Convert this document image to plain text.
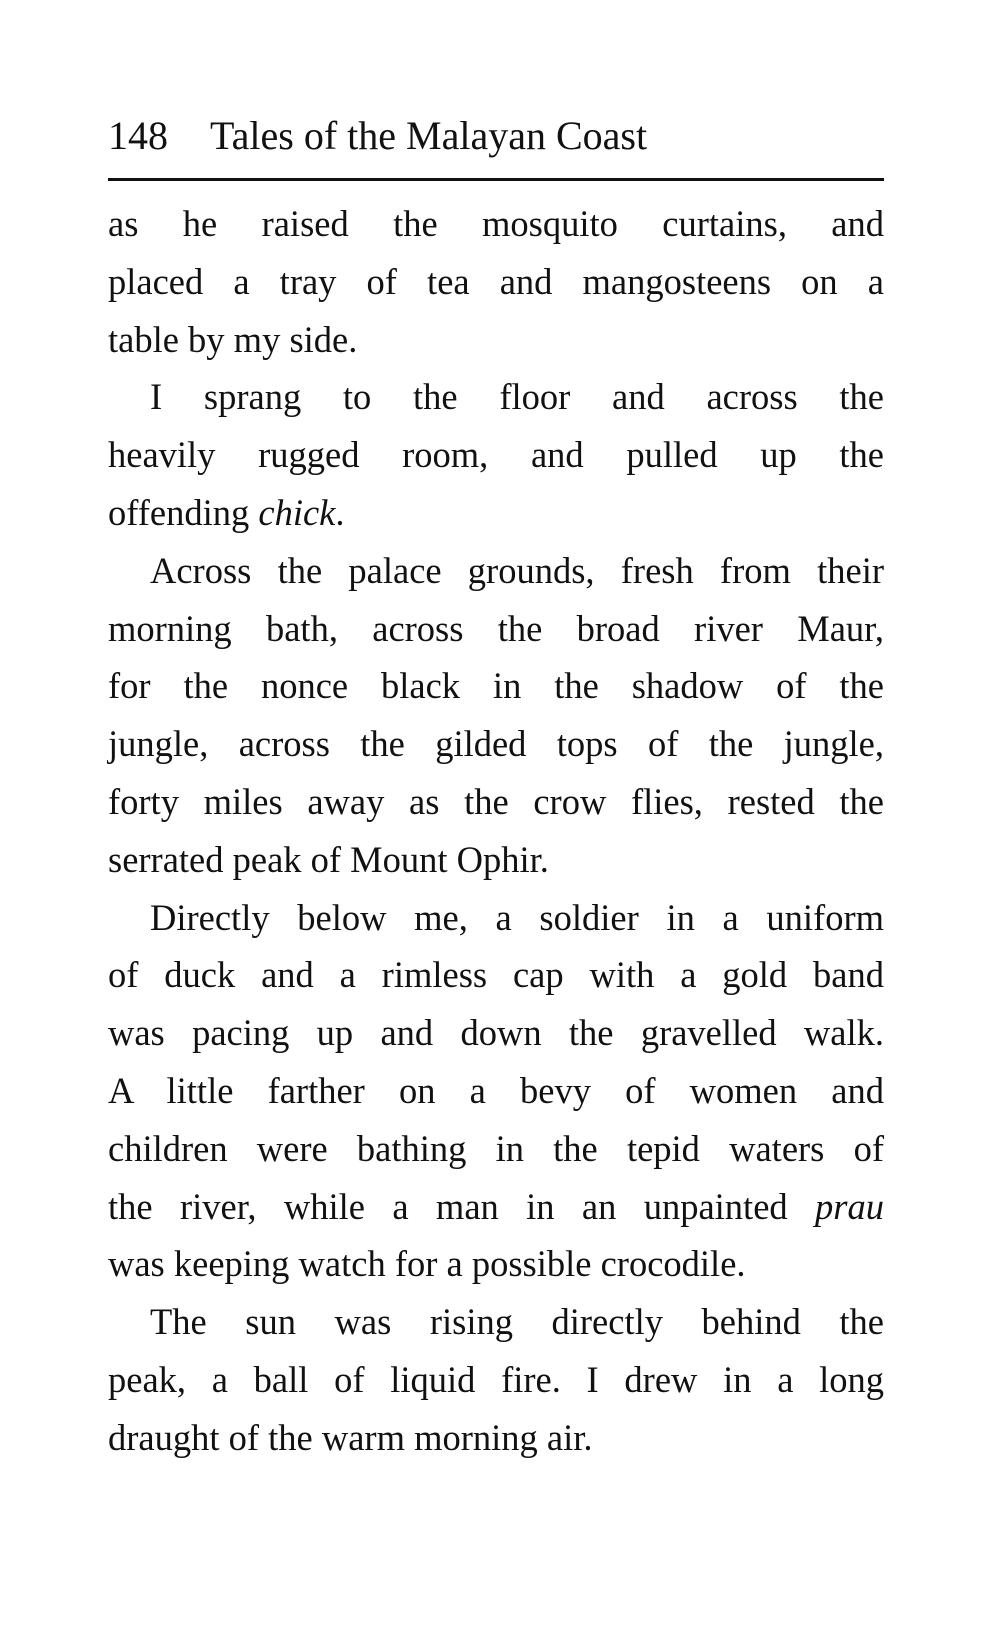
148 Tales of the Malayan Coast
as he raised the mosquito curtains, and
placed a tray of tea and mangosteens on a
table by my side.
I sprang to the floor and across the
heavily rugged room, and pulled up the
offending chick.
Across the palace grounds, fresh from their
morning bath, across the broad river Maur,
for the nonce black in the shadow of the
jungle, across the gilded tops of the jungle,
forty miles away as the crow flies, rested the
serrated peak of Mount Ophir.
Directly below me, a soldier in a uniform
of duck and a rimless cap with a gold band
was pacing up and down the gravelled walk.
A little farther on a bevy of women and
children were bathing in the tepid waters of
the river, while a man in an unpainted prau
was keeping watch for a possible crocodile.
The sun was rising directly behind the
peak, a ball of liquid fire. I drew in a long
draught of the warm morning air.
